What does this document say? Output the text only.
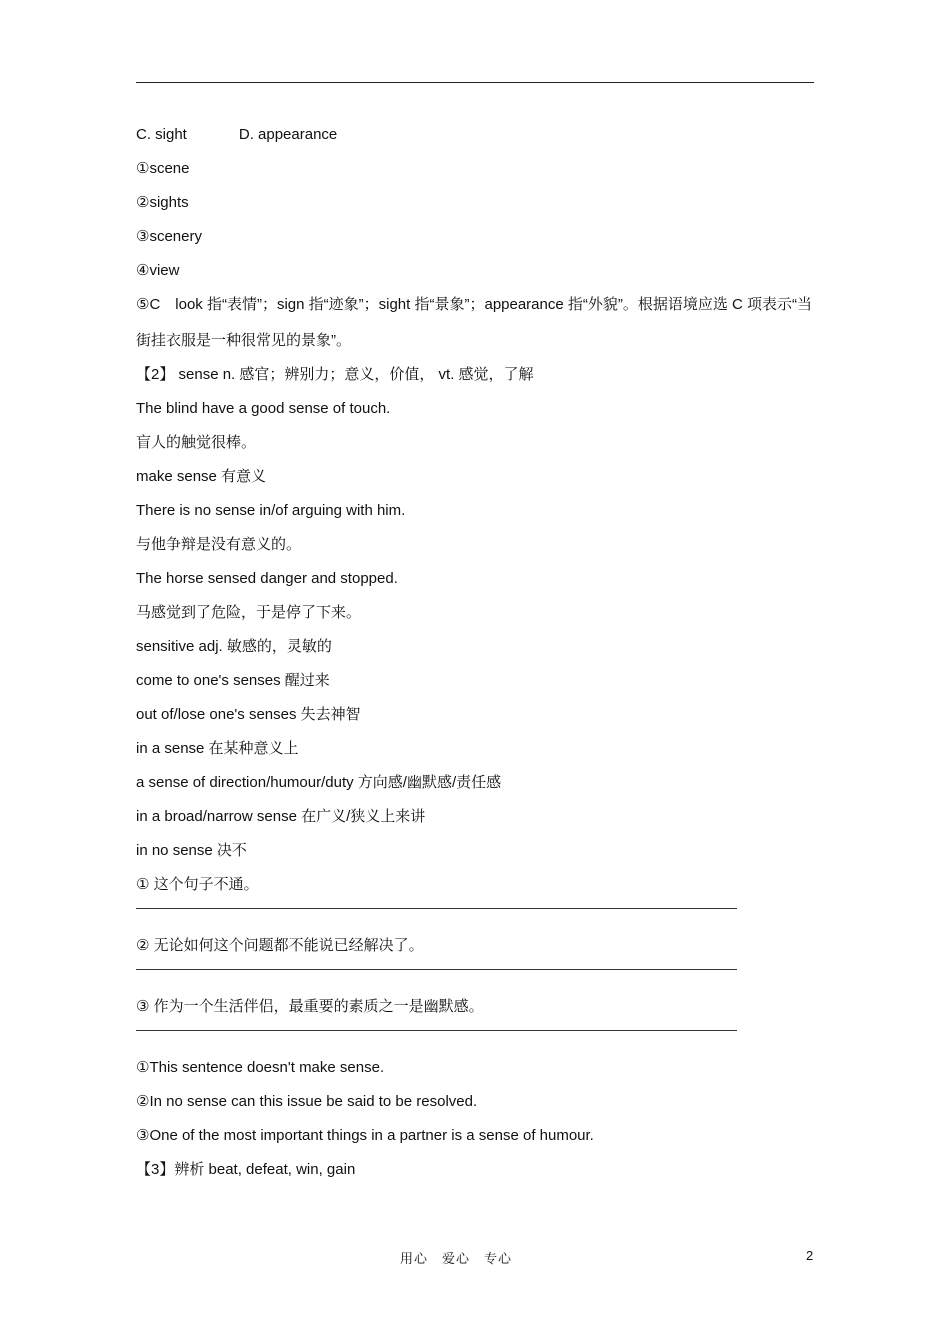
C. sight	D. appearance
①scene
②sights
③scenery
④view
⑤C　look 指“表情”；sign 指“迹象”；sight 指“景象”；appearance 指“外貌”。根据语境应选 C 项表示“当街挂衣服是一种很常见的景象”。
【2】 sense n. 感官；辨别力；意义，价值， vt. 感觉，了解
The blind have a good sense of touch.
盲人的触觉很棒。
make sense 有意义
There is no sense in/of arguing with him.
与他争辩是没有意义的。
The horse sensed danger and stopped.
马感觉到了危险，于是停了下来。
sensitive adj. 敏感的，灵敏的
come to one's senses 醒过来
out of/lose one's senses 失去神智
in a sense 在某种意义上
a sense of direction/humour/duty 方向感/幽默感/责任感
in a broad/narrow sense 在广义/狭义上来讲
in no sense 决不
① 这个句子不通。
② 无论如何这个问题都不能说已经解决了。
③ 作为一个生活伴侣，最重要的素质之一是幽默感。
①This sentence doesn't make sense.
②In no sense can this issue be said to be resolved.
③One of the most important things in a partner is a sense of humour.
【3】辨析 beat, defeat, win, gain
用心　爱心　专心	2
